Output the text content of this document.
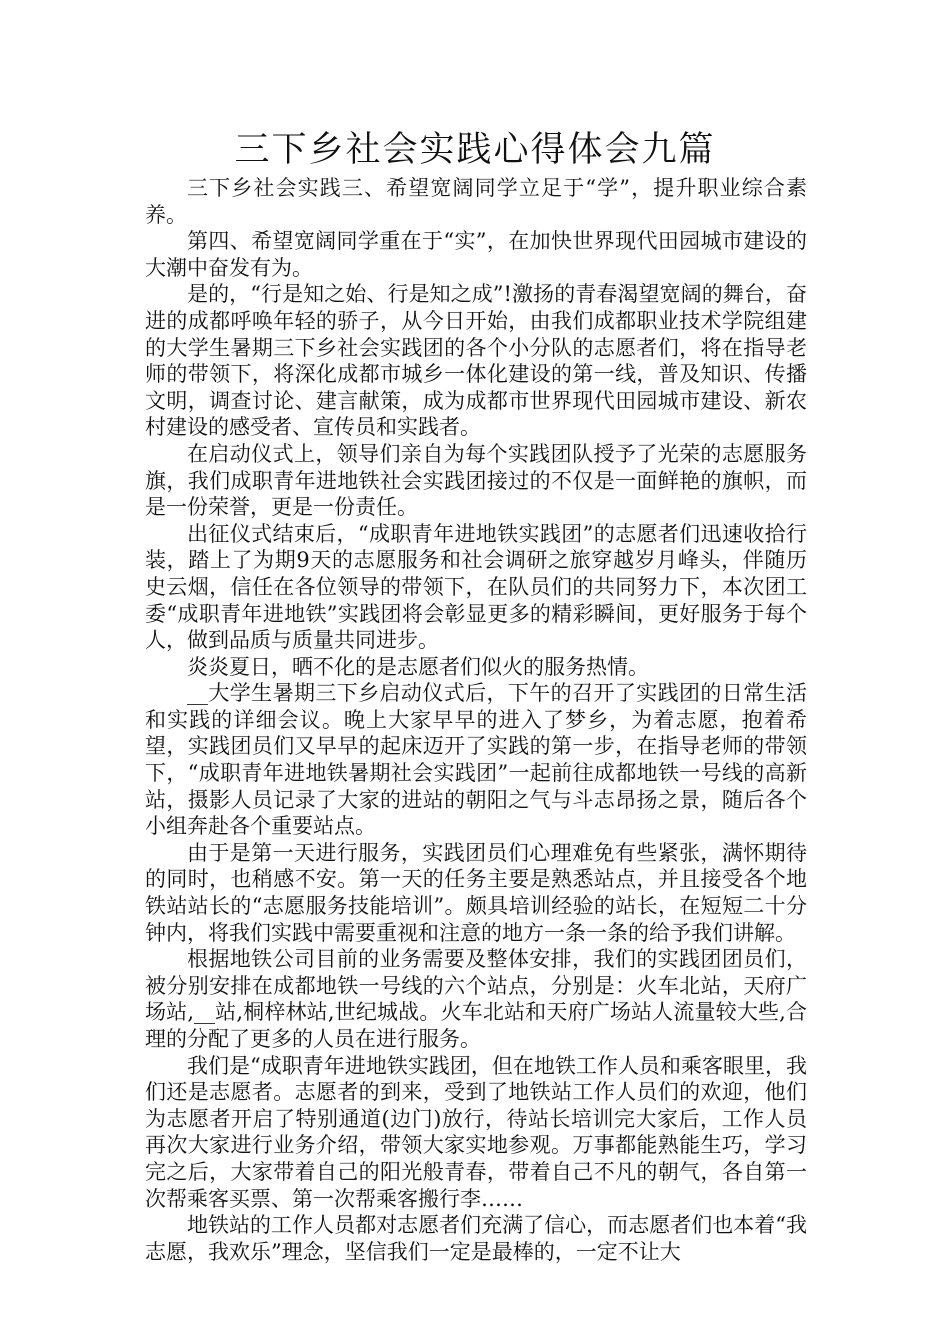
三下乡社会实践心得体会九篇

三下乡社会实践三、希望宽阔同学立足于“学”，提升职业综合素养。

第四、希望宽阔同学重在于“实”，在加快世界现代田园城市建设的大潮中奋发有为。

是的，“行是知之始、行是知之成”!激扬的青春渴望宽阔的舞台，奋进的成都呼唤年轻的骄子，从今日开始，由我们成都职业技术学院组建的大学生暑期三下乡社会实践团的各个小分队的志愿者们，将在指导老师的带领下，将深化成都市城乡一体化建设的第一线，普及知识、传播文明，调查讨论、建言献策，成为成都市世界现代田园城市建设、新农村建设的感受者、宣传员和实践者。

在启动仪式上，领导们亲自为每个实践团队授予了光荣的志愿服务旗，我们成职青年进地铁社会实践团接过的不仅是一面鲜艳的旗帜，而是一份荣誉，更是一份责任。

出征仪式结束后，“成职青年进地铁实践团”的志愿者们迅速收拾行装，踏上了为期9天的志愿服务和社会调研之旅穿越岁月峰头，伴随历史云烟，信任在各位领导的带领下，在队员们的共同努力下，本次团工委“成职青年进地铁”实践团将会彰显更多的精彩瞬间，更好服务于每个人，做到品质与质量共同进步。

炎炎夏日，晒不化的是志愿者们似火的服务热情。

__大学生暑期三下乡启动仪式后，下午的召开了实践团的日常生活和实践的详细会议。晚上大家早早的进入了梦乡，为着志愿，抱着希望，实践团员们又早早的起床迈开了实践的第一步，在指导老师的带领下，“成职青年进地铁暑期社会实践团”一起前往成都地铁一号线的高新站，摄影人员记录了大家的进站的朝阳之气与斗志昂扬之景，随后各个小组奔赴各个重要站点。

由于是第一天进行服务，实践团员们心理难免有些紧张，满怀期待的同时，也稍感不安。第一天的任务主要是熟悉站点，并且接受各个地铁站站长的“志愿服务技能培训”。颇具培训经验的站长，在短短二十分钟内，将我们实践中需要重视和注意的地方一条一条的给予我们讲解。

根据地铁公司目前的业务需要及整体安排，我们的实践团团员们，被分别安排在成都地铁一号线的六个站点，分别是：火车北站，天府广场站,__站,桐梓林站,世纪城战。火车北站和天府广场站人流量较大些,合理的分配了更多的人员在进行服务。

我们是“成职青年进地铁实践团，但在地铁工作人员和乘客眼里，我们还是志愿者。志愿者的到来，受到了地铁站工作人员们的欢迎，他们为志愿者开启了特别通道(边门)放行，待站长培训完大家后，工作人员再次大家进行业务介绍，带领大家实地参观。万事都能熟能生巧，学习完之后，大家带着自己的阳光般青春，带着自己不凡的朝气，各自第一次帮乘客买票、第一次帮乘客搬行李……

地铁站的工作人员都对志愿者们充满了信心，而志愿者们也本着“我志愿，我欢乐”理念，坚信我们一定是最棒的，一定不让大
